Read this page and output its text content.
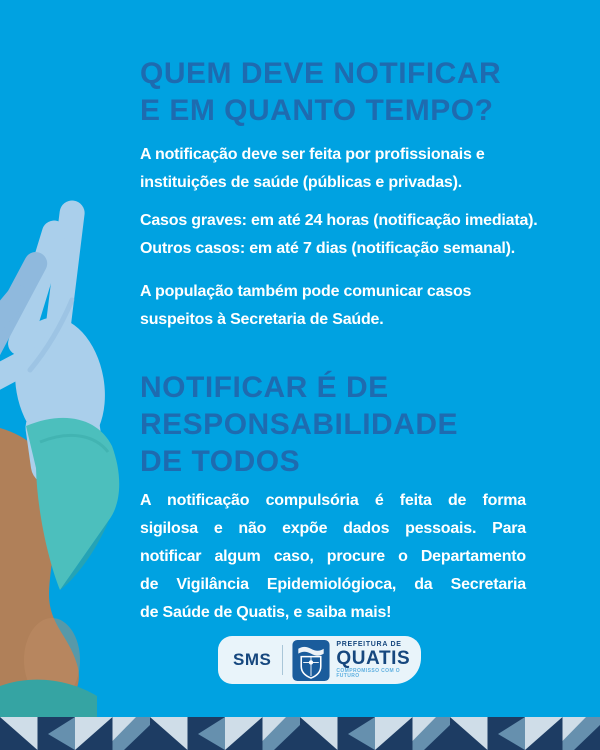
QUEM DEVE NOTIFICAR
E EM QUANTO TEMPO?
A notificação deve ser feita por profissionais e
instituições de saúde (públicas e privadas).
Casos graves: em até 24 horas (notificação imediata).
Outros casos: em até 7 dias (notificação semanal).
A população também pode comunicar casos
suspeitos à Secretaria de Saúde.
NOTIFICAR É DE
RESPONSABILIDADE
DE TODOS
A notificação compulsória é feita de forma
sigilosa e não expõe dados pessoais. Para
notificar algum caso, procure o Departamento
de Vigilância Epidemiológioca, da Secretaria
de Saúde de Quatis, e saiba mais!
SMS
PREFEITURA DE
QUATIS
COMPROMISSO COM O FUTURO
